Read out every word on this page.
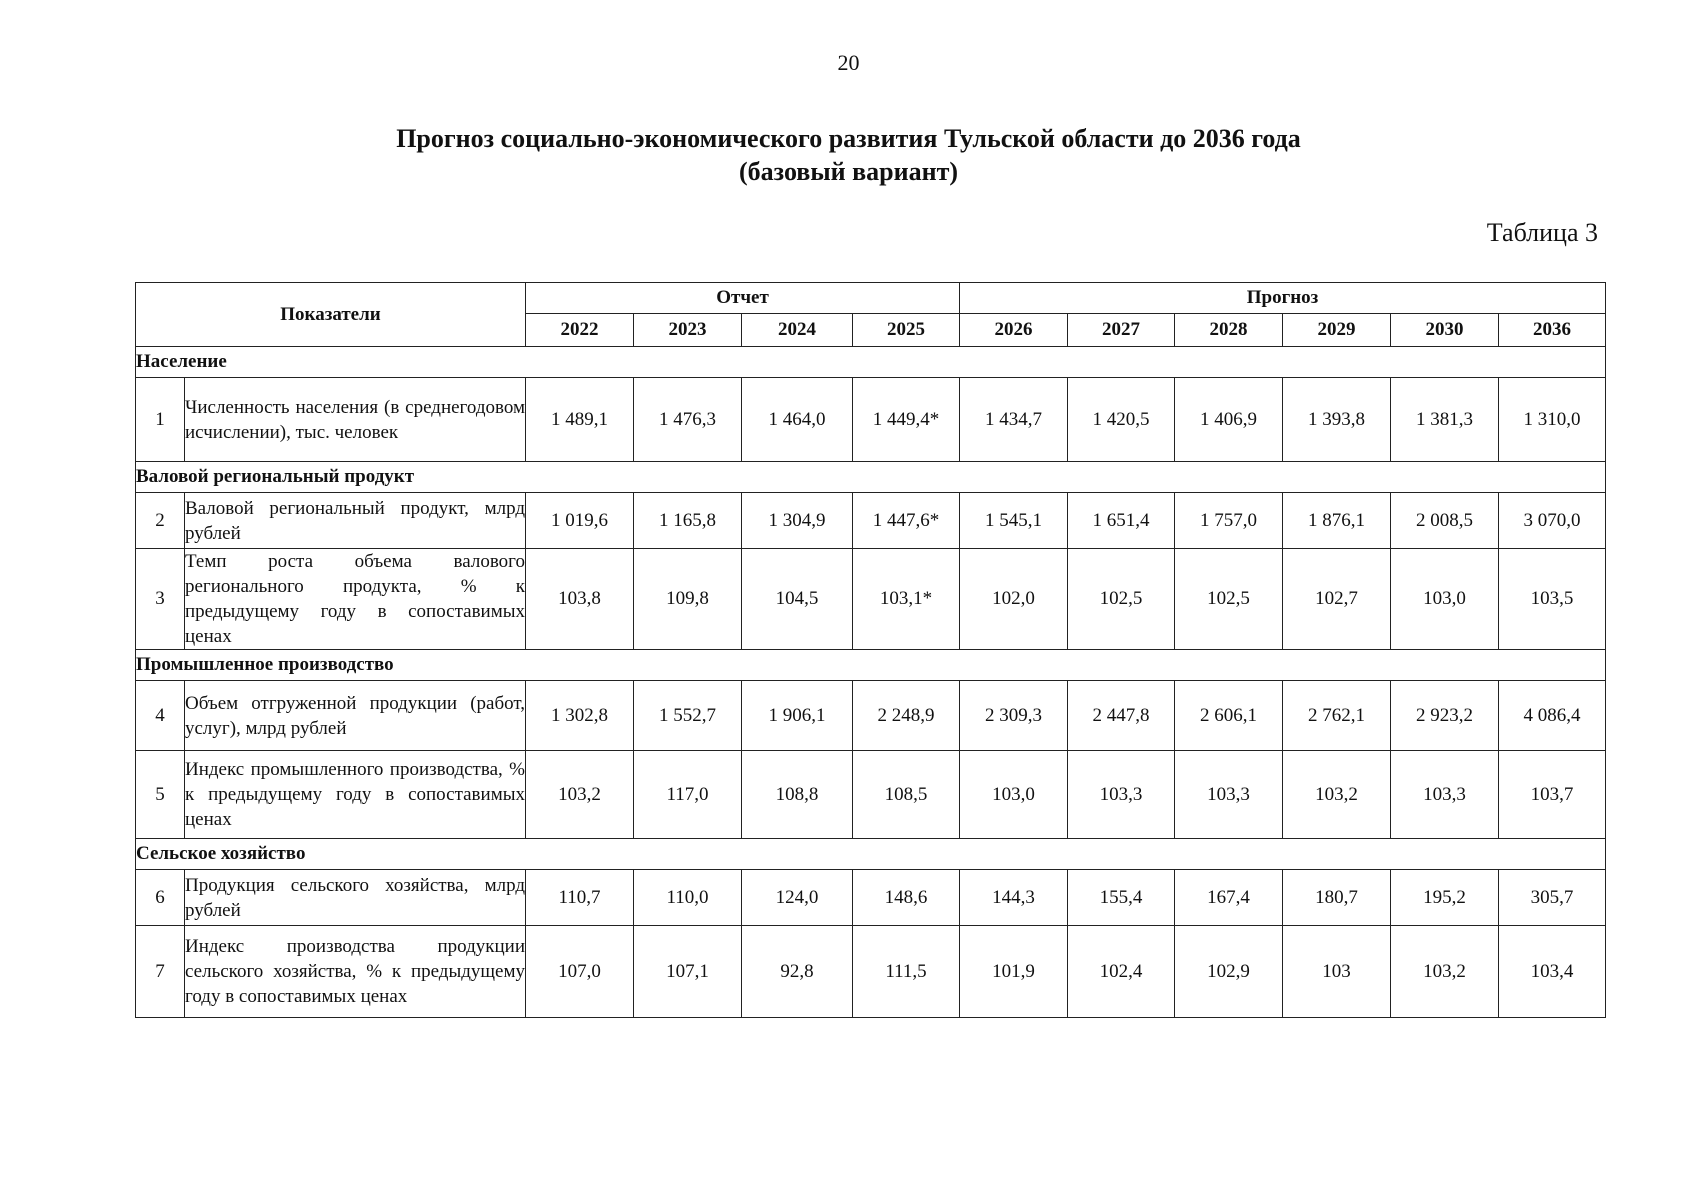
20
Прогноз социально-экономического развития Тульской области до 2036 года
(базовый вариант)
Таблица 3
Показатели		Отчет				Прогноз					
		2022	2023	2024	2025	2026	2027	2028	2029	2030	2036
Население											
1	Численность населения (в среднегодовом исчислении), тыс. человек	1 489,1	1 476,3	1 464,0	1 449,4*	1 434,7	1 420,5	1 406,9	1 393,8	1 381,3	1 310,0
Валовой региональный продукт											
2	Валовой региональный продукт, млрд рублей	1 019,6	1 165,8	1 304,9	1 447,6*	1 545,1	1 651,4	1 757,0	1 876,1	2 008,5	3 070,0
3	Темп роста объема валового регионального продукта, % к предыдущему году в сопоставимых ценах	103,8	109,8	104,5	103,1*	102,0	102,5	102,5	102,7	103,0	103,5
Промышленное производство											
4	Объем отгруженной продукции (работ, услуг), млрд рублей	1 302,8	1 552,7	1 906,1	2 248,9	2 309,3	2 447,8	2 606,1	2 762,1	2 923,2	4 086,4
5	Индекс промышленного производства, % к предыдущему году в сопоставимых ценах	103,2	117,0	108,8	108,5	103,0	103,3	103,3	103,2	103,3	103,7
Сельское хозяйство											
6	Продукция сельского хозяйства, млрд рублей	110,7	110,0	124,0	148,6	144,3	155,4	167,4	180,7	195,2	305,7
7	Индекс производства продукции сельского хозяйства, % к предыдущему году в сопоставимых ценах	107,0	107,1	92,8	111,5	101,9	102,4	102,9	103	103,2	103,4
